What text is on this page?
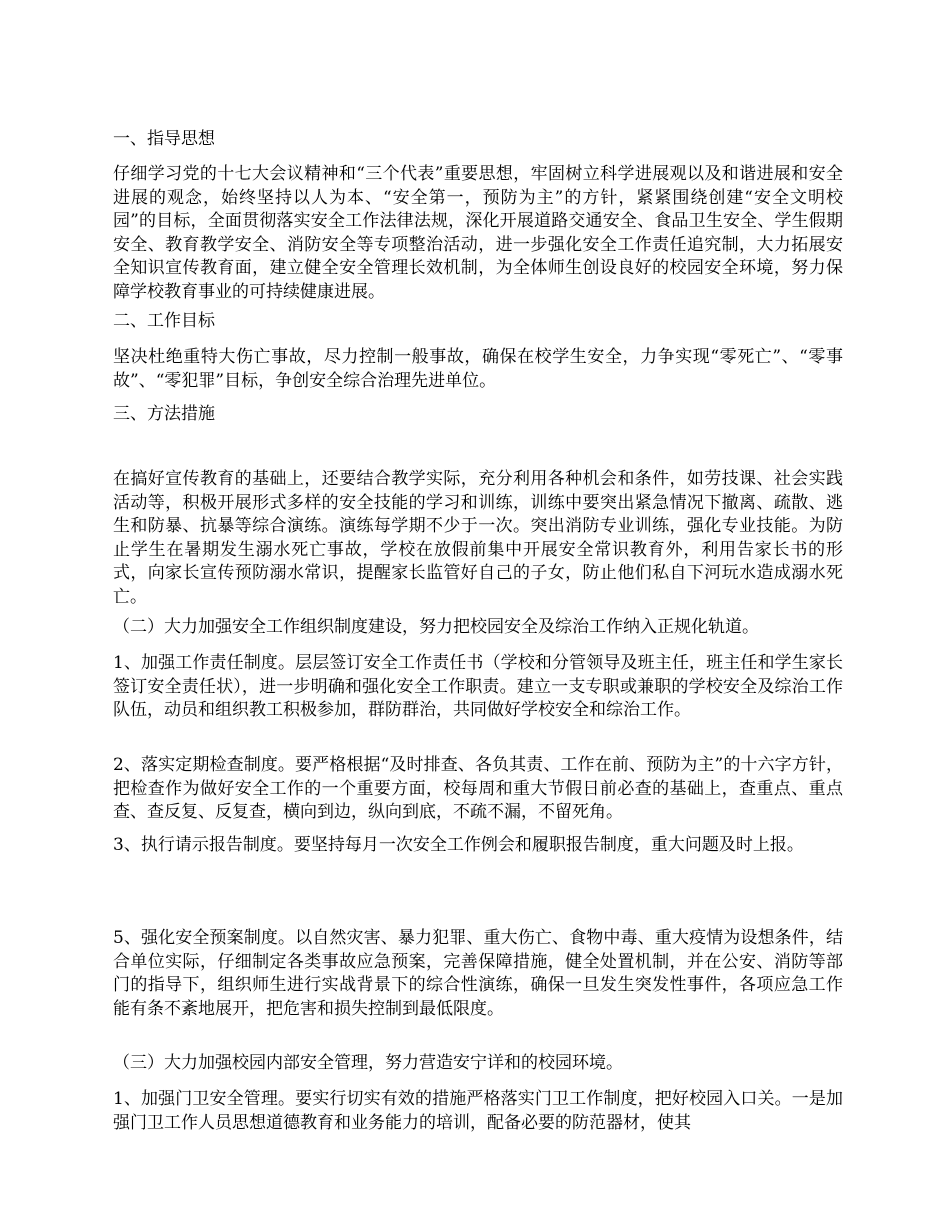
一、指导思想

仔细学习党的十七大会议精神和“三个代表”重要思想，牢固树立科学进展观以及和谐进展和安全进展的观念，始终坚持以人为本、“安全第一，预防为主”的方针，紧紧围绕创建“安全文明校园”的目标，全面贯彻落实安全工作法律法规，深化开展道路交通安全、食品卫生安全、学生假期安全、教育教学安全、消防安全等专项整治活动，进一步强化安全工作责任追究制，大力拓展安全知识宣传教育面，建立健全安全管理长效机制，为全体师生创设良好的校园安全环境，努力保障学校教育事业的可持续健康进展。

二、工作目标

坚决杜绝重特大伤亡事故，尽力控制一般事故，确保在校学生安全，力争实现“零死亡”、“零事故”、“零犯罪”目标，争创安全综合治理先进单位。

三、方法措施

在搞好宣传教育的基础上，还要结合教学实际，充分利用各种机会和条件，如劳技课、社会实践活动等，积极开展形式多样的安全技能的学习和训练，训练中要突出紧急情况下撤离、疏散、逃生和防暴、抗暴等综合演练。演练每学期不少于一次。突出消防专业训练，强化专业技能。为防止学生在暑期发生溺水死亡事故，学校在放假前集中开展安全常识教育外，利用告家长书的形式，向家长宣传预防溺水常识，提醒家长监管好自己的子女，防止他们私自下河玩水造成溺水死亡。

（二）大力加强安全工作组织制度建设，努力把校园安全及综治工作纳入正规化轨道。

1、加强工作责任制度。层层签订安全工作责任书（学校和分管领导及班主任，班主任和学生家长签订安全责任状），进一步明确和强化安全工作职责。建立一支专职或兼职的学校安全及综治工作队伍，动员和组织教工积极参加，群防群治，共同做好学校安全和综治工作。

2、落实定期检查制度。要严格根据“及时排查、各负其责、工作在前、预防为主”的十六字方针，把检查作为做好安全工作的一个重要方面，校每周和重大节假日前必查的基础上，查重点、重点查、查反复、反复查，横向到边，纵向到底，不疏不漏，不留死角。

3、执行请示报告制度。要坚持每月一次安全工作例会和履职报告制度，重大问题及时上报。

5、强化安全预案制度。以自然灾害、暴力犯罪、重大伤亡、食物中毒、重大疫情为设想条件，结合单位实际，仔细制定各类事故应急预案，完善保障措施，健全处置机制，并在公安、消防等部门的指导下，组织师生进行实战背景下的综合性演练，确保一旦发生突发性事件，各项应急工作能有条不紊地展开，把危害和损失控制到最低限度。

（三）大力加强校园内部安全管理，努力营造安宁详和的校园环境。

1、加强门卫安全管理。要实行切实有效的措施严格落实门卫工作制度，把好校园入口关。一是加强门卫工作人员思想道德教育和业务能力的培训，配备必要的防范器材，使其
